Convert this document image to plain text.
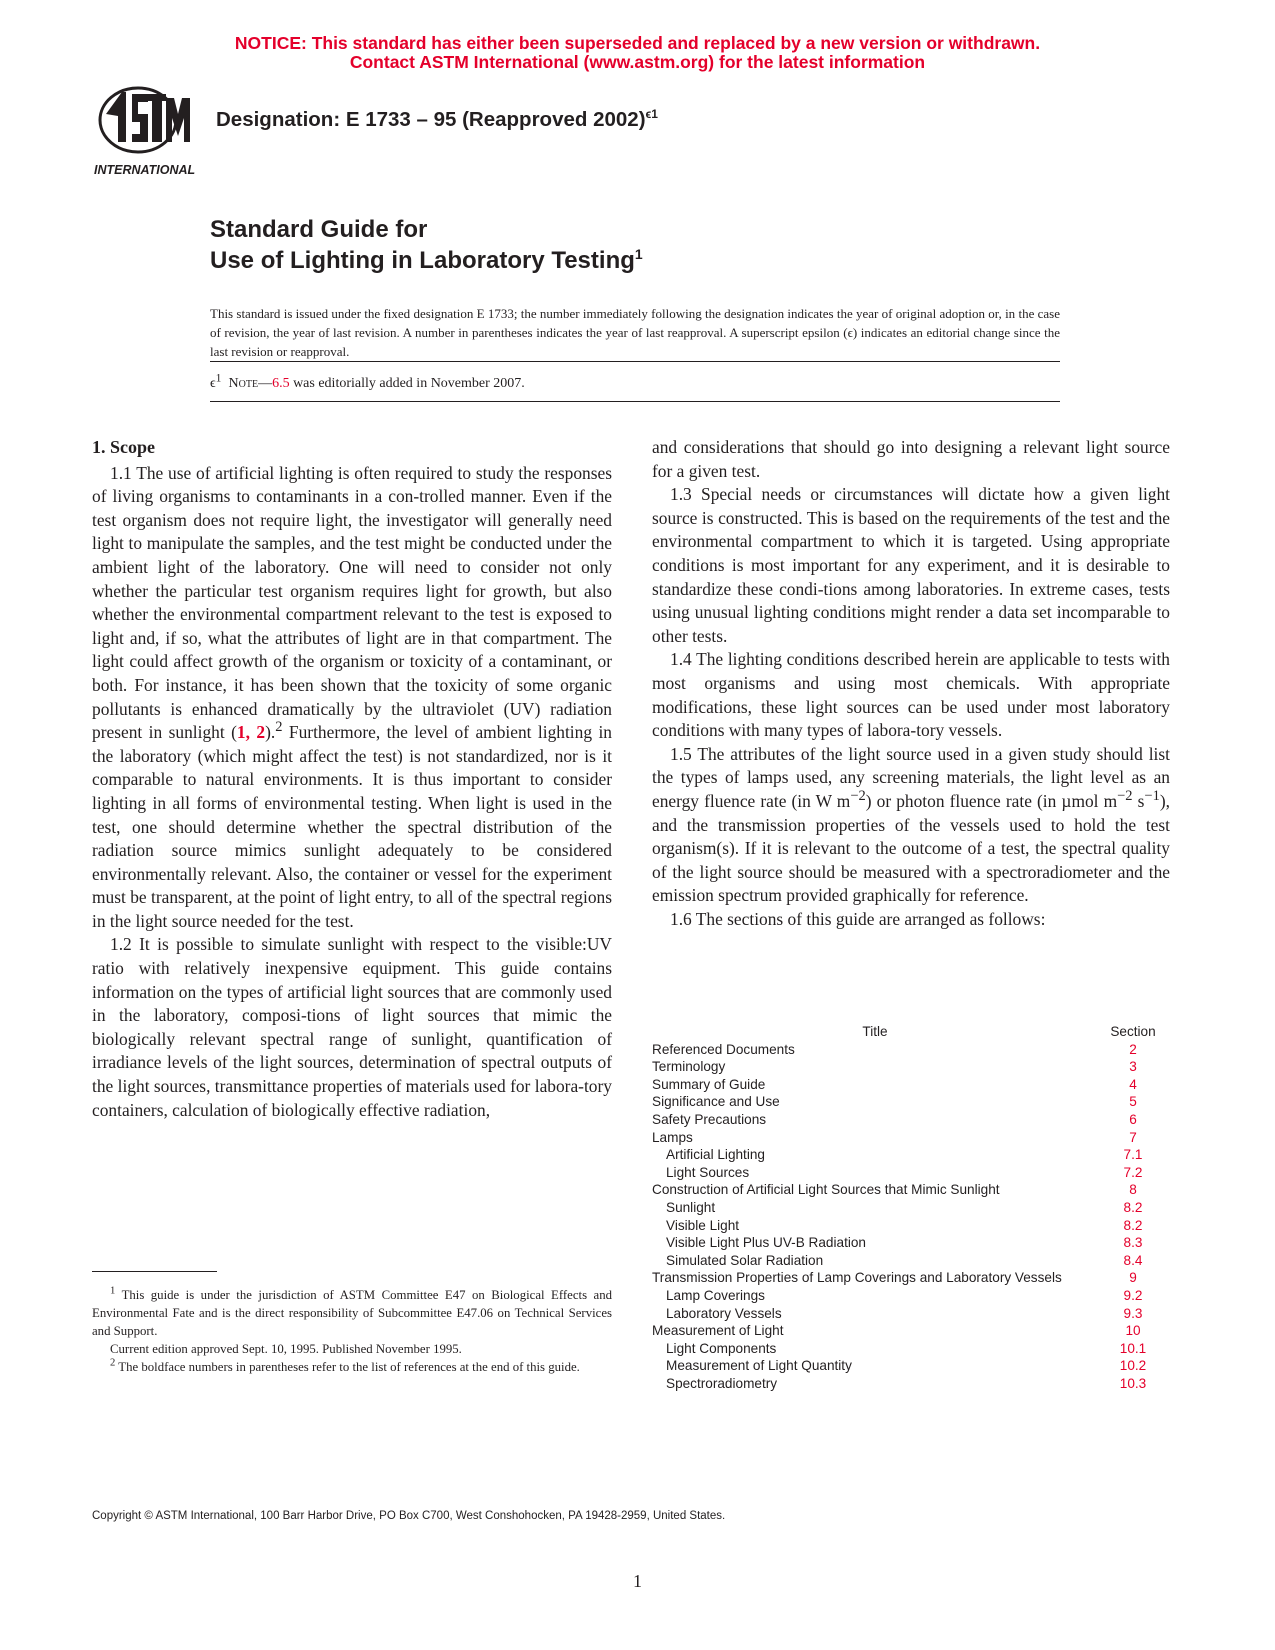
NOTICE: This standard has either been superseded and replaced by a new version or withdrawn.
Contact ASTM International (www.astm.org) for the latest information
INTERNATIONAL
Designation: E 1733 – 95 (Reapproved 2002)$^{\epsilon 1}$
Standard Guide for
Use of Lighting in Laboratory Testing$^1$
This standard is issued under the fixed designation E 1733; the number immediately following the designation indicates the year of original adoption or, in the case of revision, the year of last revision. A number in parentheses indicates the year of last reapproval. A superscript epsilon (ϵ) indicates an editorial change since the last revision or reapproval.
$\epsilon^1$ Note—6.5 was editorially added in November 2007.
1. Scope

1.1 The use of artificial lighting is often required to study the responses of living organisms to contaminants in a con-trolled manner. Even if the test organism does not require light, the investigator will generally need light to manipulate the samples, and the test might be conducted under the ambient light of the laboratory. One will need to consider not only whether the particular test organism requires light for growth, but also whether the environmental compartment relevant to the test is exposed to light and, if so, what the attributes of light are in that compartment. The light could affect growth of the organism or toxicity of a contaminant, or both. For instance, it has been shown that the toxicity of some organic pollutants is enhanced dramatically by the ultraviolet (UV) radiation present in sunlight (1, 2).$^2$ Furthermore, the level of ambient lighting in the laboratory (which might affect the test) is not standardized, nor is it comparable to natural environments. It is thus important to consider lighting in all forms of environmental testing. When light is used in the test, one should determine whether the spectral distribution of the radiation source mimics sunlight adequately to be considered environmentally relevant. Also, the container or vessel for the experiment must be transparent, at the point of light entry, to all of the spectral regions in the light source needed for the test.

1.2 It is possible to simulate sunlight with respect to the visible:UV ratio with relatively inexpensive equipment. This guide contains information on the types of artificial light sources that are commonly used in the laboratory, composi-tions of light sources that mimic the biologically relevant spectral range of sunlight, quantification of irradiance levels of the light sources, determination of spectral outputs of the light sources, transmittance properties of materials used for labora-tory containers, calculation of biologically effective radiation,

$^1$ This guide is under the jurisdiction of ASTM Committee E47 on Biological Effects and Environmental Fate and is the direct responsibility of Subcommittee E47.06 on Technical Services and Support.

Current edition approved Sept. 10, 1995. Published November 1995.

$^2$ The boldface numbers in parentheses refer to the list of references at the end of this guide.

and considerations that should go into designing a relevant light source for a given test.

1.3 Special needs or circumstances will dictate how a given light source is constructed. This is based on the requirements of the test and the environmental compartment to which it is targeted. Using appropriate conditions is most important for any experiment, and it is desirable to standardize these condi-tions among laboratories. In extreme cases, tests using unusual lighting conditions might render a data set incomparable to other tests.

1.4 The lighting conditions described herein are applicable to tests with most organisms and using most chemicals. With appropriate modifications, these light sources can be used under most laboratory conditions with many types of labora-tory vessels.

1.5 The attributes of the light source used in a given study should list the types of lamps used, any screening materials, the light level as an energy fluence rate (in W $m^{-2}$) or photon fluence rate (in µmol $m^{-2}$ $s^{-1}$), and the transmission properties of the vessels used to hold the test organism(s). If it is relevant to the outcome of a test, the spectral quality of the light source should be measured with a spectroradiometer and the emission spectrum provided graphically for reference.

1.6 The sections of this guide are arranged as follows:

Title	Section
Referenced Documents	2
Terminology	3
Summary of Guide	4
Significance and Use	5
Safety Precautions	6
Lamps	7
Artificial Lighting	7.1
Light Sources	7.2
Construction of Artificial Light Sources that Mimic Sunlight	8
Sunlight	8.2
Visible Light	8.2
Visible Light Plus UV-B Radiation	8.3
Simulated Solar Radiation	8.4
Transmission Properties of Lamp Coverings and Laboratory Vessels	9
Lamp Coverings	9.2
Laboratory Vessels	9.3
Measurement of Light	10
Light Components	10.1
Measurement of Light Quantity	10.2
Spectroradiometry	10.3
Copyright © ASTM International, 100 Barr Harbor Drive, PO Box C700, West Conshohocken, PA 19428-2959, United States.
1
